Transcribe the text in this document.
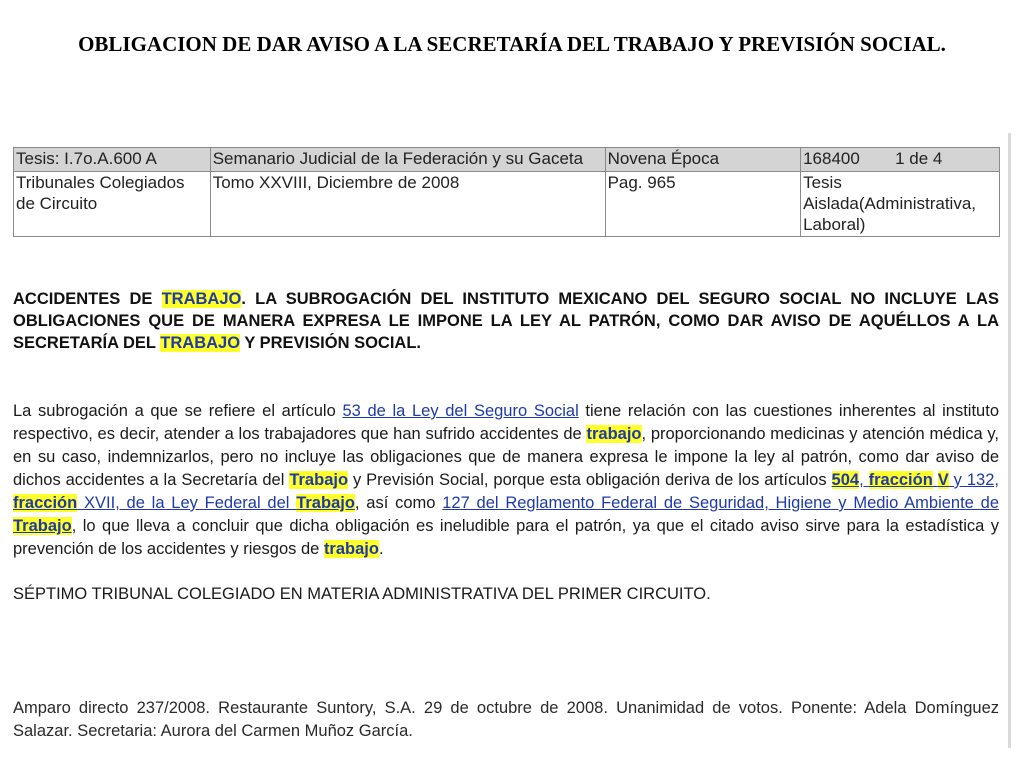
OBLIGACION DE DAR AVISO A LA SECRETARÍA DEL TRABAJO Y PREVISIÓN SOCIAL.
Tesis: I.7o.A.600 A	Semanario Judicial de la Federación y su Gaceta	Novena Época	168400 1 de 4
Tribunales Colegiados de Circuito	Tomo XXVIII, Diciembre de 2008	Pag. 965	Tesis Aislada(Administrativa, Laboral)
ACCIDENTES DE TRABAJO. LA SUBROGACIÓN DEL INSTITUTO MEXICANO DEL SEGURO SOCIAL NO INCLUYE LAS OBLIGACIONES QUE DE MANERA EXPRESA LE IMPONE LA LEY AL PATRÓN, COMO DAR AVISO DE AQUÉLLOS A LA SECRETARÍA DEL TRABAJO Y PREVISIÓN SOCIAL.
La subrogación a que se refiere el artículo 53 de la Ley del Seguro Social tiene relación con las cuestiones inherentes al instituto respectivo, es decir, atender a los trabajadores que han sufrido accidentes de trabajo, proporcionando medicinas y atención médica y, en su caso, indemnizarlos, pero no incluye las obligaciones que de manera expresa le impone la ley al patrón, como dar aviso de dichos accidentes a la Secretaría del Trabajo y Previsión Social, porque esta obligación deriva de los artículos 504, fracción V y 132, fracción XVII, de la Ley Federal del Trabajo, así como 127 del Reglamento Federal de Seguridad, Higiene y Medio Ambiente de Trabajo, lo que lleva a concluir que dicha obligación es ineludible para el patrón, ya que el citado aviso sirve para la estadística y prevención de los accidentes y riesgos de trabajo.
SÉPTIMO TRIBUNAL COLEGIADO EN MATERIA ADMINISTRATIVA DEL PRIMER CIRCUITO.
Amparo directo 237/2008. Restaurante Suntory, S.A. 29 de octubre de 2008. Unanimidad de votos. Ponente: Adela Domínguez Salazar. Secretaria: Aurora del Carmen Muñoz García.
